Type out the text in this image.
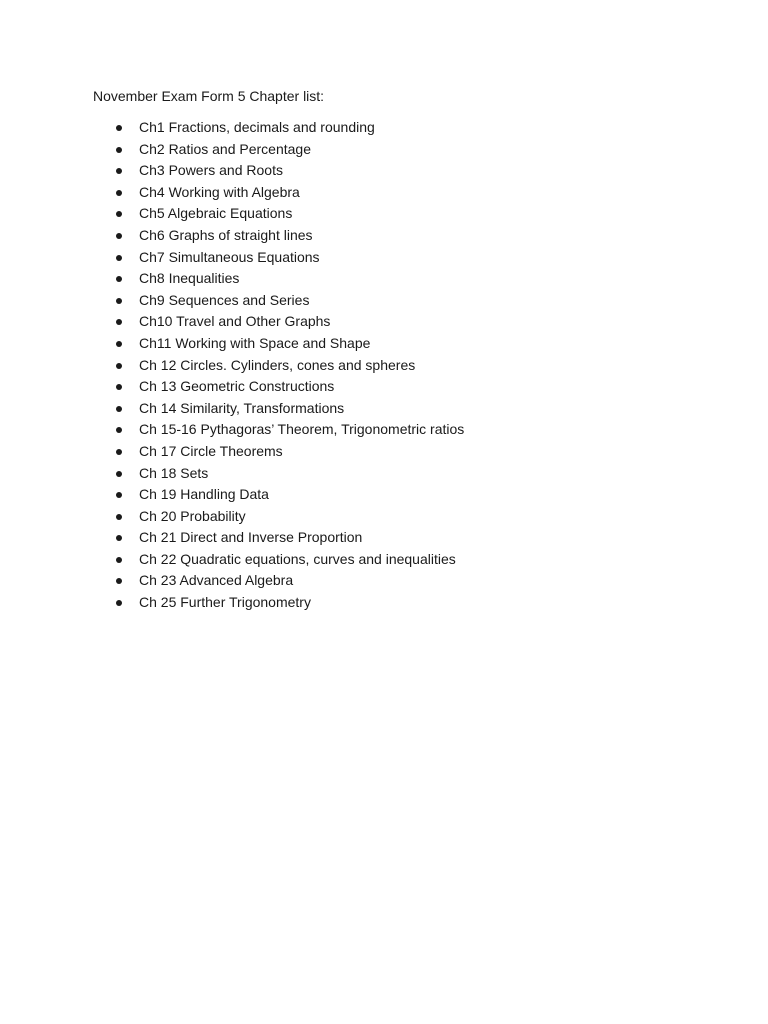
November Exam Form 5 Chapter list:

Ch1 Fractions, decimals and rounding
Ch2 Ratios and Percentage
Ch3 Powers and Roots
Ch4 Working with Algebra
Ch5 Algebraic Equations
Ch6 Graphs of straight lines
Ch7 Simultaneous Equations
Ch8 Inequalities
Ch9 Sequences and Series
Ch10 Travel and Other Graphs
Ch11 Working with Space and Shape
Ch 12 Circles. Cylinders, cones and spheres
Ch 13 Geometric Constructions
Ch 14 Similarity, Transformations
Ch 15-16 Pythagoras’ Theorem, Trigonometric ratios
Ch 17 Circle Theorems
Ch 18 Sets
Ch 19 Handling Data
Ch 20 Probability
Ch 21 Direct and Inverse Proportion
Ch 22 Quadratic equations, curves and inequalities
Ch 23 Advanced Algebra
Ch 25 Further Trigonometry
